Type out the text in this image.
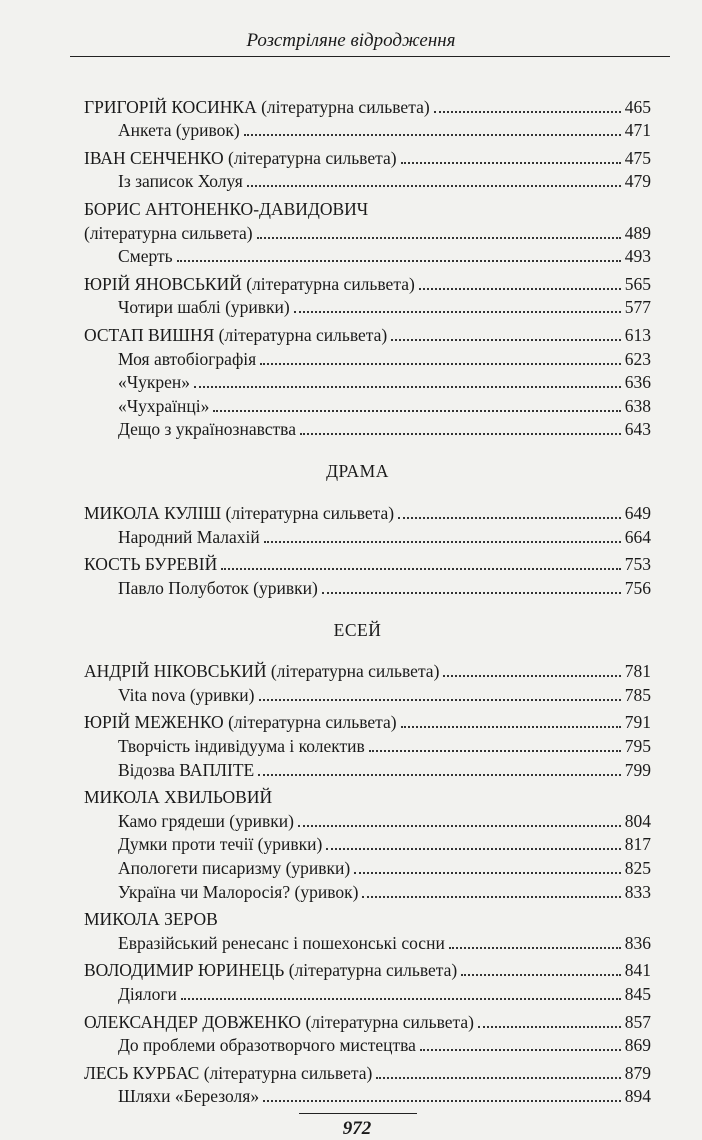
Розстріляне відродження
ГРИГОРІЙ КОСИНКА (літературна сильвета)	465
Анкета (уривок)	471
ІВАН СЕНЧЕНКО (літературна сильвета)	475
Із записок Холуя	479
БОРИС АНТОНЕНКО-ДАВИДОВИЧ
(літературна сильвета)	489
Смерть	493
ЮРІЙ ЯНОВСЬКИЙ (літературна сильвета)	565
Чотири шаблі (уривки)	577
ОСТАП ВИШНЯ (літературна сильвета)	613
Моя автобіографія	623
«Чукрен»	636
«Чухраїнці»	638
Дещо з українознавства	643
ДРАМА
МИКОЛА КУЛІШ (літературна сильвета)	649
Народний Малахій	664
КОСТЬ БУРЕВІЙ	753
Павло Полуботок (уривки)	756
ЕСЕЙ
АНДРІЙ НІКОВСЬКИЙ (літературна сильвета)	781
Vita nova (уривки)	785
ЮРІЙ МЕЖЕНКО (літературна сильвета)	791
Творчість індивідуума і колектив	795
Відозва ВАПЛІТЕ	799
МИКОЛА ХВИЛЬОВИЙ
Камо грядеши (уривки)	804
Думки проти течії (уривки)	817
Апологети писаризму (уривки)	825
Україна чи Малоросія? (уривок)	833
МИКОЛА ЗЕРОВ
Евразійський ренесанс і пошехонські сосни	836
ВОЛОДИМИР ЮРИНЕЦЬ (літературна сильвета)	841
Діялоги	845
ОЛЕКСАНДЕР ДОВЖЕНКО (літературна сильвета)	857
До проблеми образотворчого мистецтва	869
ЛЕСЬ КУРБАС (літературна сильвета)	879
Шляхи «Березоля»	894
972
